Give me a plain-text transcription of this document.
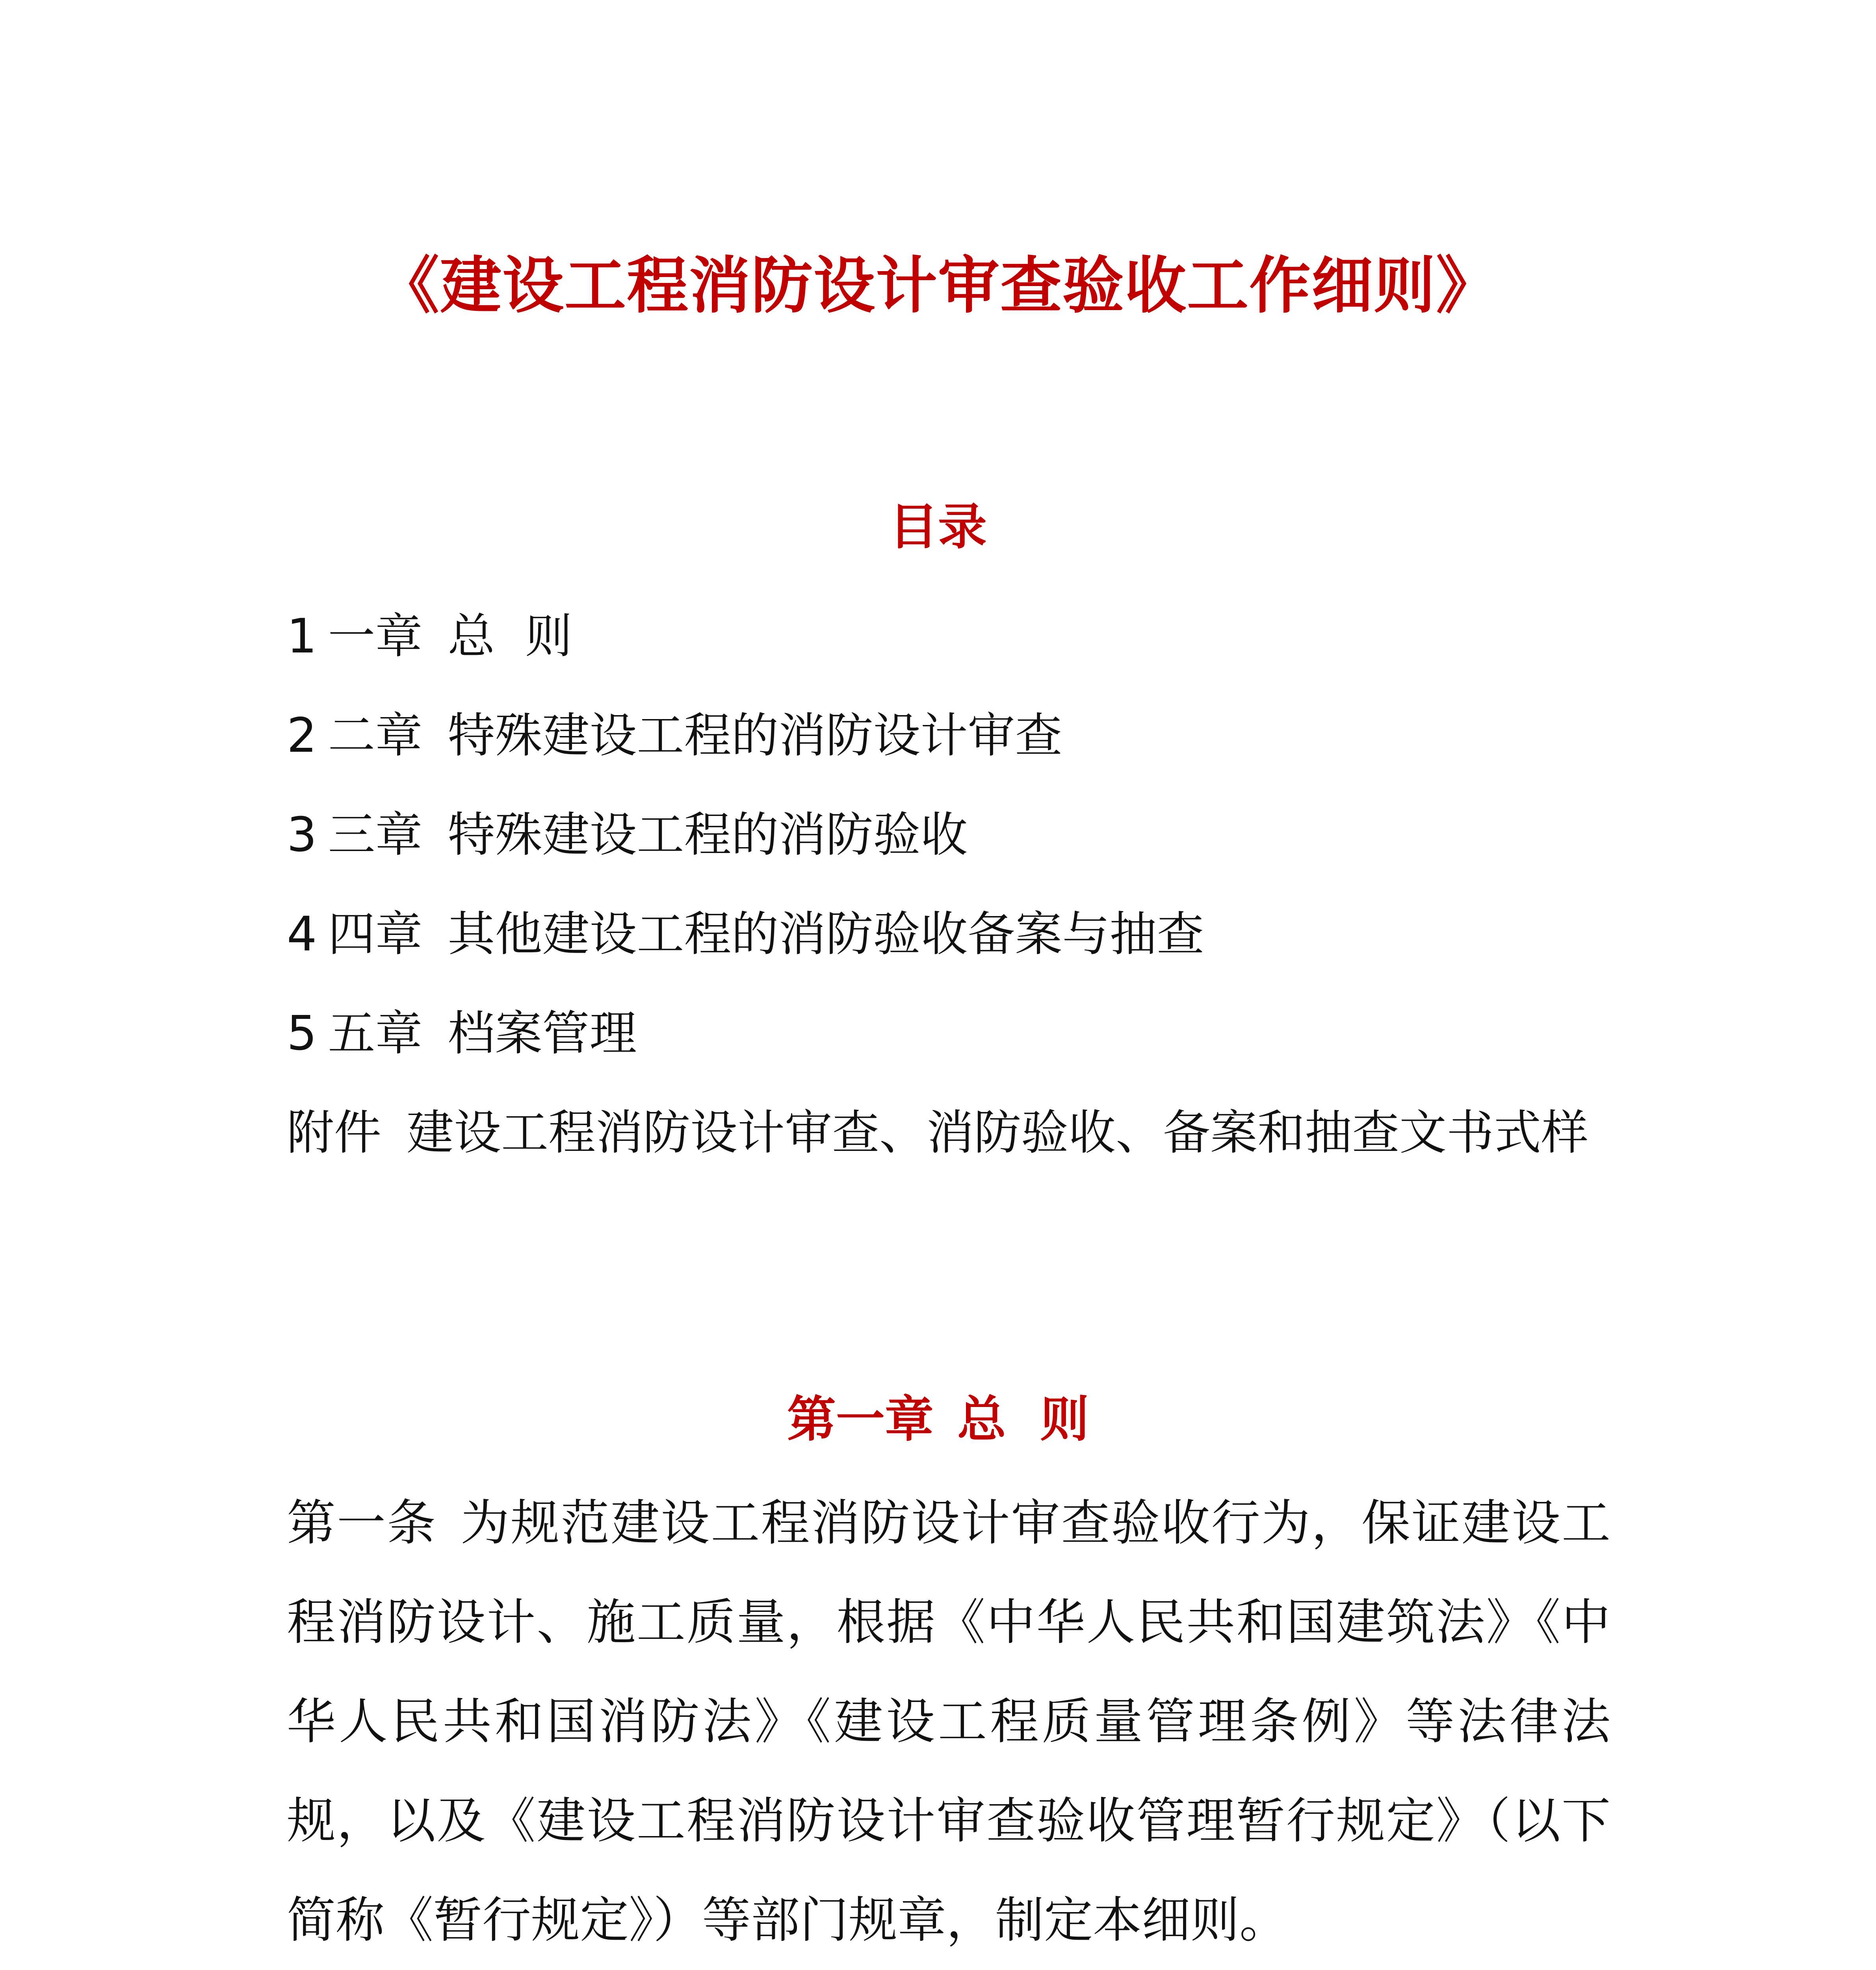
《建设工程消防设计审查验收工作细则》
目录
1 一章 总  则
2 二章 特殊建设工程的消防设计审查
3 三章 特殊建设工程的消防验收
4 四章 其他建设工程的消防验收备案与抽查
5 五章 档案管理
附件 建设工程消防设计审查、消防验收、备案和抽查文书式样
第一章 总  则
第一条 为规范建设工程消防设计审查验收行为，保证建设工程消防设计、施工质量，根据《中华人民共和国建筑法》《中华人民共和国消防法》《建设工程质量管理条例》等法律法规，以及《建设工程消防设计审查验收管理暂行规定》（以下简称《暂行规定》）等部门规章，制定本细则。
